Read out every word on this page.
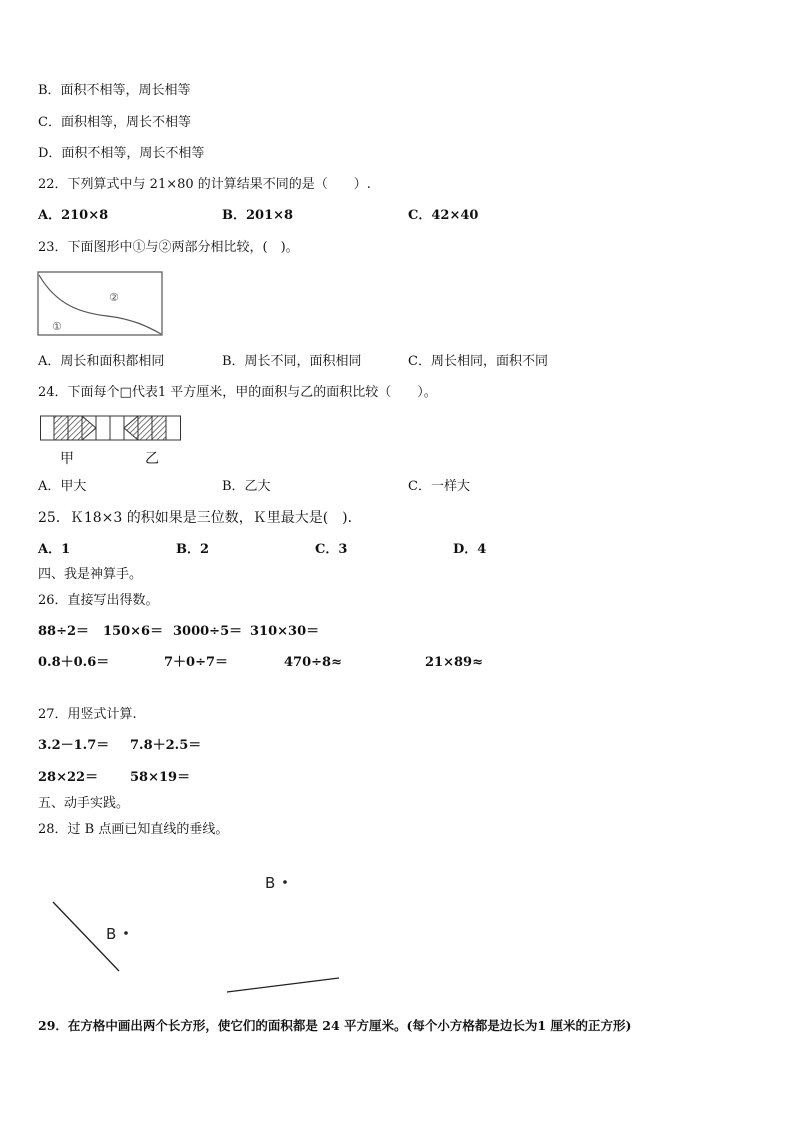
B．面积不相等，周长相等
C．面积相等，周长不相等
D．面积不相等，周长不相等
22．下列算式中与 21×80 的计算结果不同的是（　　）.
A．210×8	B．201×8	C．42×40
23．下面图形中①与②两部分相比较，(　)。
①
②
A．周长和面积都相同	B．周长不同，面积相同	C．周长相同，面积不同
24．下面每个□代表1 平方厘米，甲的面积与乙的面积比较（　　）。
甲	乙
A．甲大	B．乙大	C．一样大
25．Ｋ18×3 的积如果是三位数，Ｋ里最大是(　)．
A．1	B．2	C．3	D．4
四、我是神算手。
26．直接写出得数。
88÷2＝ 150×6＝ 3000÷5＝ 310×30＝
0.8＋0.6＝	7＋0÷7＝	470÷8≈	21×89≈
27．用竖式计算.
3.2－1.7＝ 7.8＋2.5＝
28×22＝ 58×19＝
五、动手实践。
28．过 B 点画已知直线的垂线。
B
B
29．在方格中画出两个长方形，使它们的面积都是 24 平方厘米。(每个小方格都是边长为1 厘米的正方形)
